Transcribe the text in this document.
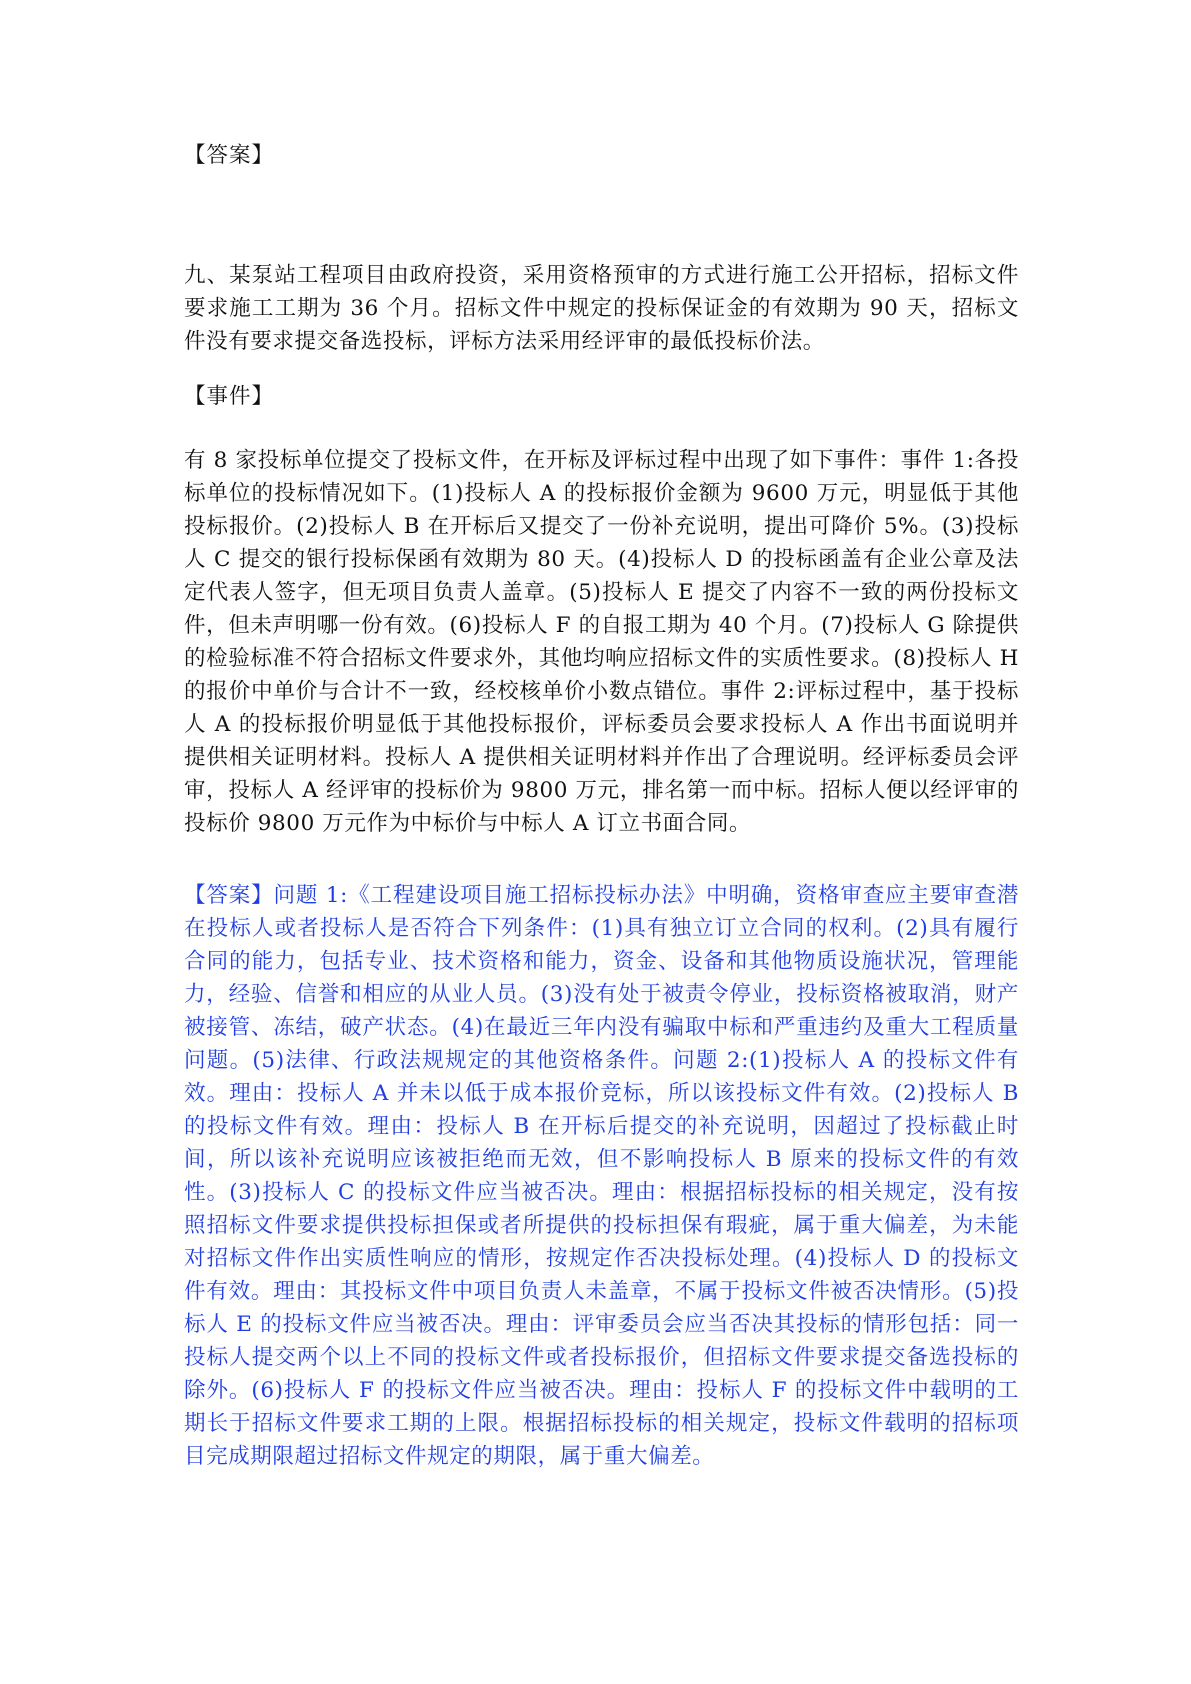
【答案】

九、某泵站工程项目由政府投资，采用资格预审的方式进行施工公开招标，招标文件要求施工工期为 36 个月。招标文件中规定的投标保证金的有效期为 90 天，招标文件没有要求提交备选投标，评标方法采用经评审的最低投标价法。

【事件】

有 8 家投标单位提交了投标文件，在开标及评标过程中出现了如下事件：事件 1:各投标单位的投标情况如下。(1)投标人 A 的投标报价金额为 9600 万元，明显低于其他投标报价。(2)投标人 B 在开标后又提交了一份补充说明，提出可降价 5%。(3)投标人 C 提交的银行投标保函有效期为 80 天。(4)投标人 D 的投标函盖有企业公章及法定代表人签字，但无项目负责人盖章。(5)投标人 E 提交了内容不一致的两份投标文件，但未声明哪一份有效。(6)投标人 F 的自报工期为 40 个月。(7)投标人 G 除提供的检验标准不符合招标文件要求外，其他均响应招标文件的实质性要求。(8)投标人 H 的报价中单价与合计不一致，经校核单价小数点错位。事件 2:评标过程中，基于投标人 A 的投标报价明显低于其他投标报价，评标委员会要求投标人 A 作出书面说明并提供相关证明材料。投标人 A 提供相关证明材料并作出了合理说明。经评标委员会评审，投标人 A 经评审的投标价为 9800 万元，排名第一而中标。招标人便以经评审的投标价 9800 万元作为中标价与中标人 A 订立书面合同。

【答案】问题 1:《工程建设项目施工招标投标办法》中明确，资格审查应主要审查潜在投标人或者投标人是否符合下列条件：(1)具有独立订立合同的权利。(2)具有履行合同的能力，包括专业、技术资格和能力，资金、设备和其他物质设施状况，管理能力，经验、信誉和相应的从业人员。(3)没有处于被责令停业，投标资格被取消，财产被接管、冻结，破产状态。(4)在最近三年内没有骗取中标和严重违约及重大工程质量问题。(5)法律、行政法规规定的其他资格条件。问题 2:(1)投标人 A 的投标文件有效。理由：投标人 A 并未以低于成本报价竞标，所以该投标文件有效。(2)投标人 B 的投标文件有效。理由：投标人 B 在开标后提交的补充说明，因超过了投标截止时间，所以该补充说明应该被拒绝而无效，但不影响投标人 B 原来的投标文件的有效性。(3)投标人 C 的投标文件应当被否决。理由：根据招标投标的相关规定，没有按照招标文件要求提供投标担保或者所提供的投标担保有瑕疵，属于重大偏差，为未能对招标文件作出实质性响应的情形，按规定作否决投标处理。(4)投标人 D 的投标文件有效。理由：其投标文件中项目负责人未盖章，不属于投标文件被否决情形。(5)投标人 E 的投标文件应当被否决。理由：评审委员会应当否决其投标的情形包括：同一投标人提交两个以上不同的投标文件或者投标报价，但招标文件要求提交备选投标的除外。(6)投标人 F 的投标文件应当被否决。理由：投标人 F 的投标文件中载明的工期长于招标文件要求工期的上限。根据招标投标的相关规定，投标文件载明的招标项目完成期限超过招标文件规定的期限，属于重大偏差。
